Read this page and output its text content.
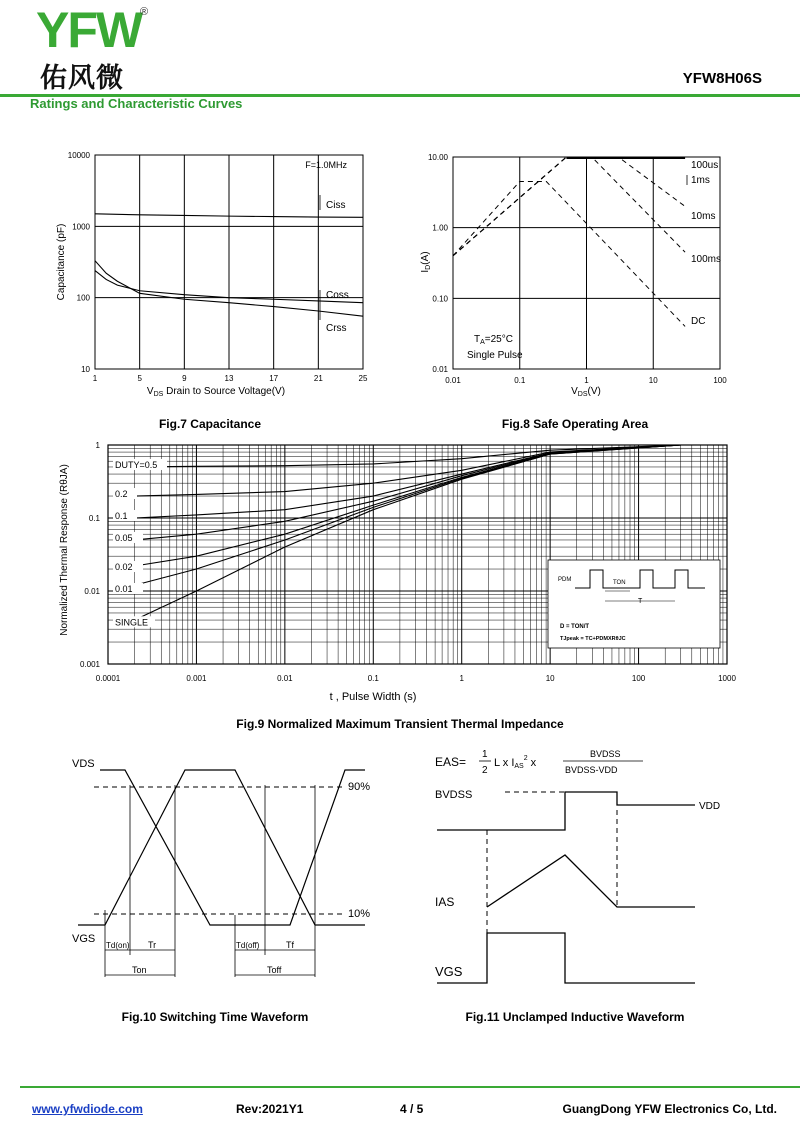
YFW
®
佑风微	YFW8H06S
Ratings and Characteristic Curves
10000
1000
100
10
1	5	9	13	17	21	25
F=1.0MHz
Ciss
Coss
Crss
Capacitance (pF)
$V_{DS}$ Drain to Source Voltage(V)
Fig.7 Capacitance
10.00
1.00
0.10
0.01
0.01	0.1	1	10	100
100us
1ms
10ms
100ms
DC
$T_A=25^\circ C$
Single Pulse
$I_D(A)$
$V_{DS}(V)$
Fig.8 Safe Operating Area
DUTY=0.5
0.2
0.1
0.05
0.02
0.01
SINGLE
1
0.1
0.01
0.001
0.0001	0.001	0.01	0.1	1	10	100	1000
PDM	TON
T
D = TON/T
TJpeak = TC+PDMXRθJC
Normalized Thermal Response (RθJA)
t , Pulse Width (s)
Fig.9 Normalized Maximum Transient Thermal Impedance
VDS
VGS
90%
10%
Td(on) Tr	Td(off)	Tf
Ton	Toff
Fig.10 Switching Time Waveform
EAS=
1
2
L x IAS$^2$ x
BVDSS
BVDSS-VDD
BVDSS
VDD
IAS
VGS
Fig.11 Unclamped Inductive Waveform
www.yfwdiode.com	Rev:2021Y1	4 / 5	GuangDong YFW Electronics Co, Ltd.
